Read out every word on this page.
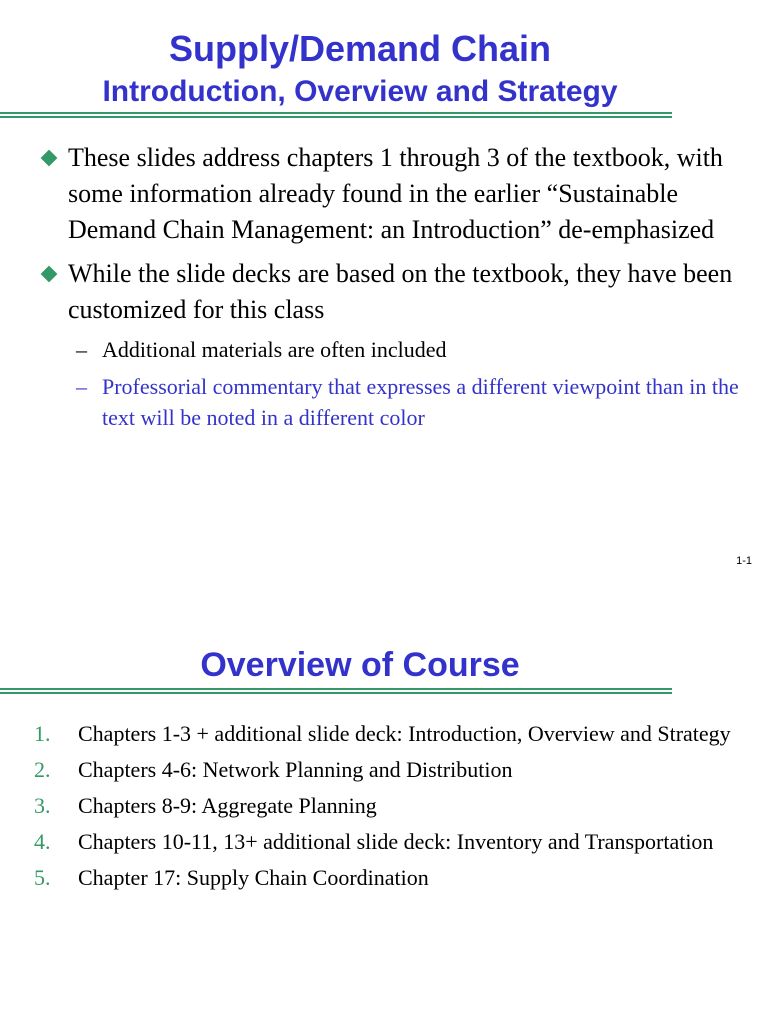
Supply/Demand Chain
Introduction, Overview and Strategy
These slides address chapters 1 through 3 of the textbook, with some information already found in the earlier “Sustainable Demand Chain Management: an Introduction” de-emphasized
While the slide decks are based on the textbook, they have been customized for this class
– Additional materials are often included
– Professorial commentary that expresses a different viewpoint than in the text will be noted in a different color
1-1
Overview of Course
1. Chapters 1-3 + additional slide deck: Introduction, Overview and Strategy
2. Chapters 4-6: Network Planning and Distribution
3. Chapters 8-9: Aggregate Planning
4. Chapters 10-11, 13+ additional slide deck: Inventory and Transportation
5. Chapter 17: Supply Chain Coordination
